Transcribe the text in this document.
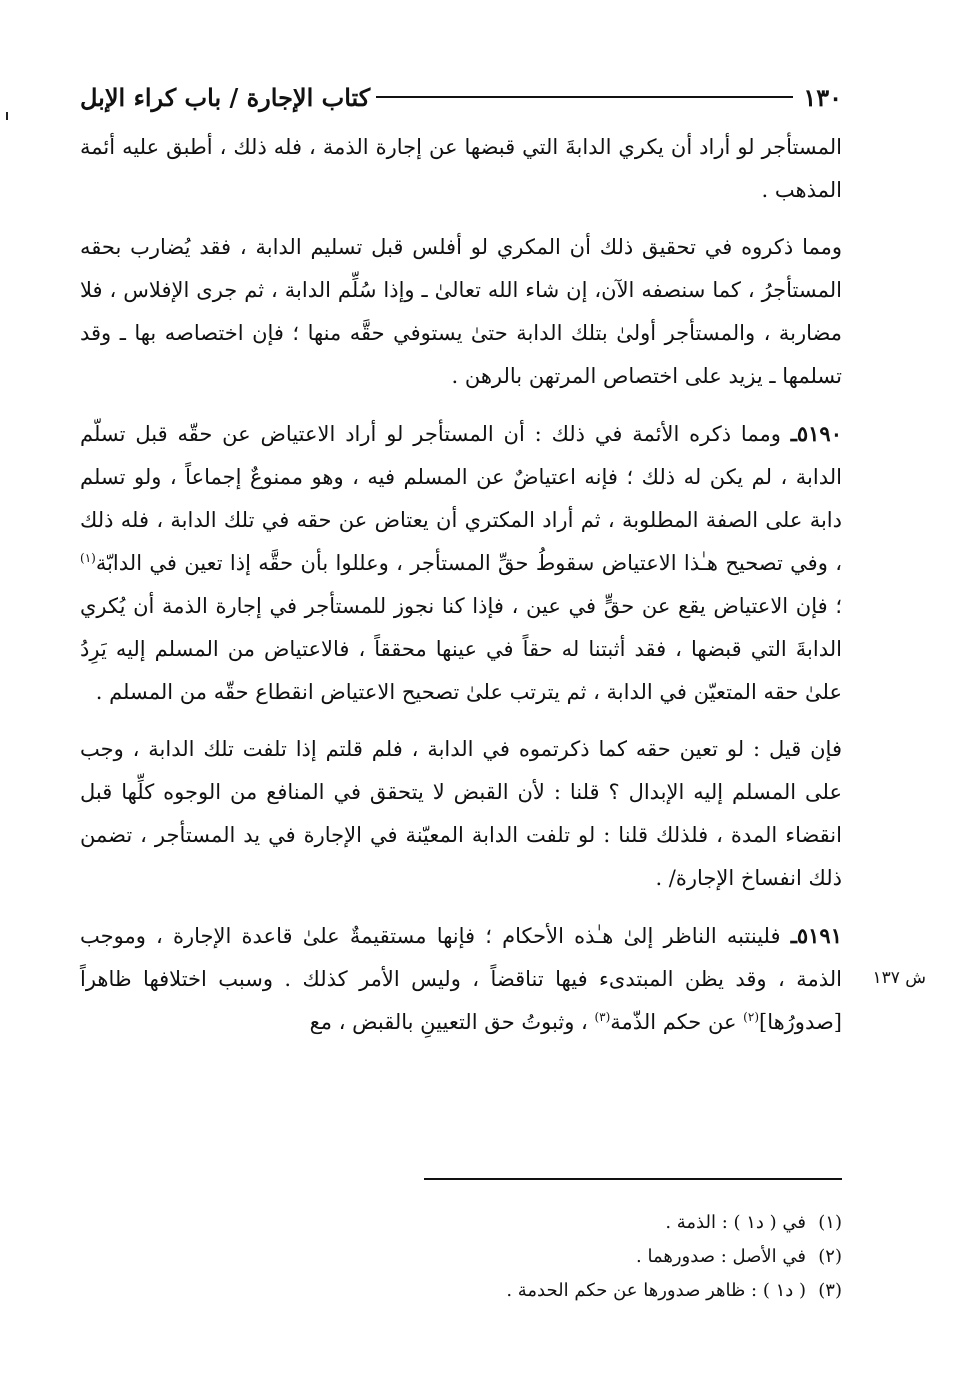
١٣٠
كتاب الإجارة / باب كراء الإبل

المستأجر لو أراد أن يكري الدابةَ التي قبضها عن إجارة الذمة ، فله ذلك ، أطبق عليه أئمة المذهب .

ومما ذكروه في تحقيق ذلك أن المكري لو أفلس قبل تسليم الدابة ، فقد يُضارب بحقه المستأجرُ ، كما سنصفه الآن، إن شاء الله تعالىٰ ـ وإذا سُلِّم الدابة ، ثم جرى الإفلاس ، فلا مضاربة ، والمستأجر أولىٰ بتلك الدابة حتىٰ يستوفي حقَّه منها ؛ فإن اختصاصه بها ـ وقد تسلمها ـ يزيد على اختصاص المرتهن بالرهن .

٥١٩٠ـ ومما ذكره الأئمة في ذلك : أن المستأجر لو أراد الاعتياض عن حقّه قبل تسلّم الدابة ، لم يكن له ذلك ؛ فإنه اعتياضٌ عن المسلم فيه ، وهو ممنوعٌ إجماعاً ، ولو تسلم دابة على الصفة المطلوبة ، ثم أراد المكتري أن يعتاض عن حقه في تلك الدابة ، فله ذلك ، وفي تصحيح هـٰذا الاعتياض سقوطُ حقِّ المستأجر ، وعللوا بأن حقَّه إذا تعين في الدابّة$^{(١)}$ ؛ فإن الاعتياض يقع عن حقٍّ في عين ، فإذا كنا نجوز للمستأجر في إجارة الذمة أن يُكري الدابةَ التي قبضها ، فقد أثبتنا له حقاً في عينها محققاً ، فالاعتياض من المسلم إليه يَرِدُ علىٰ حقه المتعيّن في الدابة ، ثم يترتب علىٰ تصحيح الاعتياض انقطاع حقّه من المسلم .

فإن قيل : لو تعين حقه كما ذكرتموه في الدابة ، فلم قلتم إذا تلفت تلك الدابة ، وجب على المسلم إليه الإبدال ؟ قلنا : لأن القبض لا يتحقق في المنافع من الوجوه كلِّها قبل انقضاء المدة ، فلذلك قلنا : لو تلفت الدابة المعيّنة في الإجارة في يد المستأجر ، تضمن ذلك انفساخ الإجارة/ .

٥١٩١ـ فلينتبه الناظر إلىٰ هـٰذه الأحكام ؛ فإنها مستقيمةٌ علىٰ قاعدة الإجارة ، وموجب الذمة ، وقد يظن المبتدىء فيها تناقضاً ، وليس الأمر كذلك . وسبب اختلافها ظاهراً [صدورُها]$^{(٢)}$ عن حكم الذّمة$^{(٣)}$ ، وثبوتُ حق التعيينِ بالقبض ، مع

ش ١٣٧
(١)
في ( د١ ) : الذمة .
(٢)
في الأصل : صدورهما .
(٣)
( د١ ) : ظاهر صدورها عن حكم الحدمة .
